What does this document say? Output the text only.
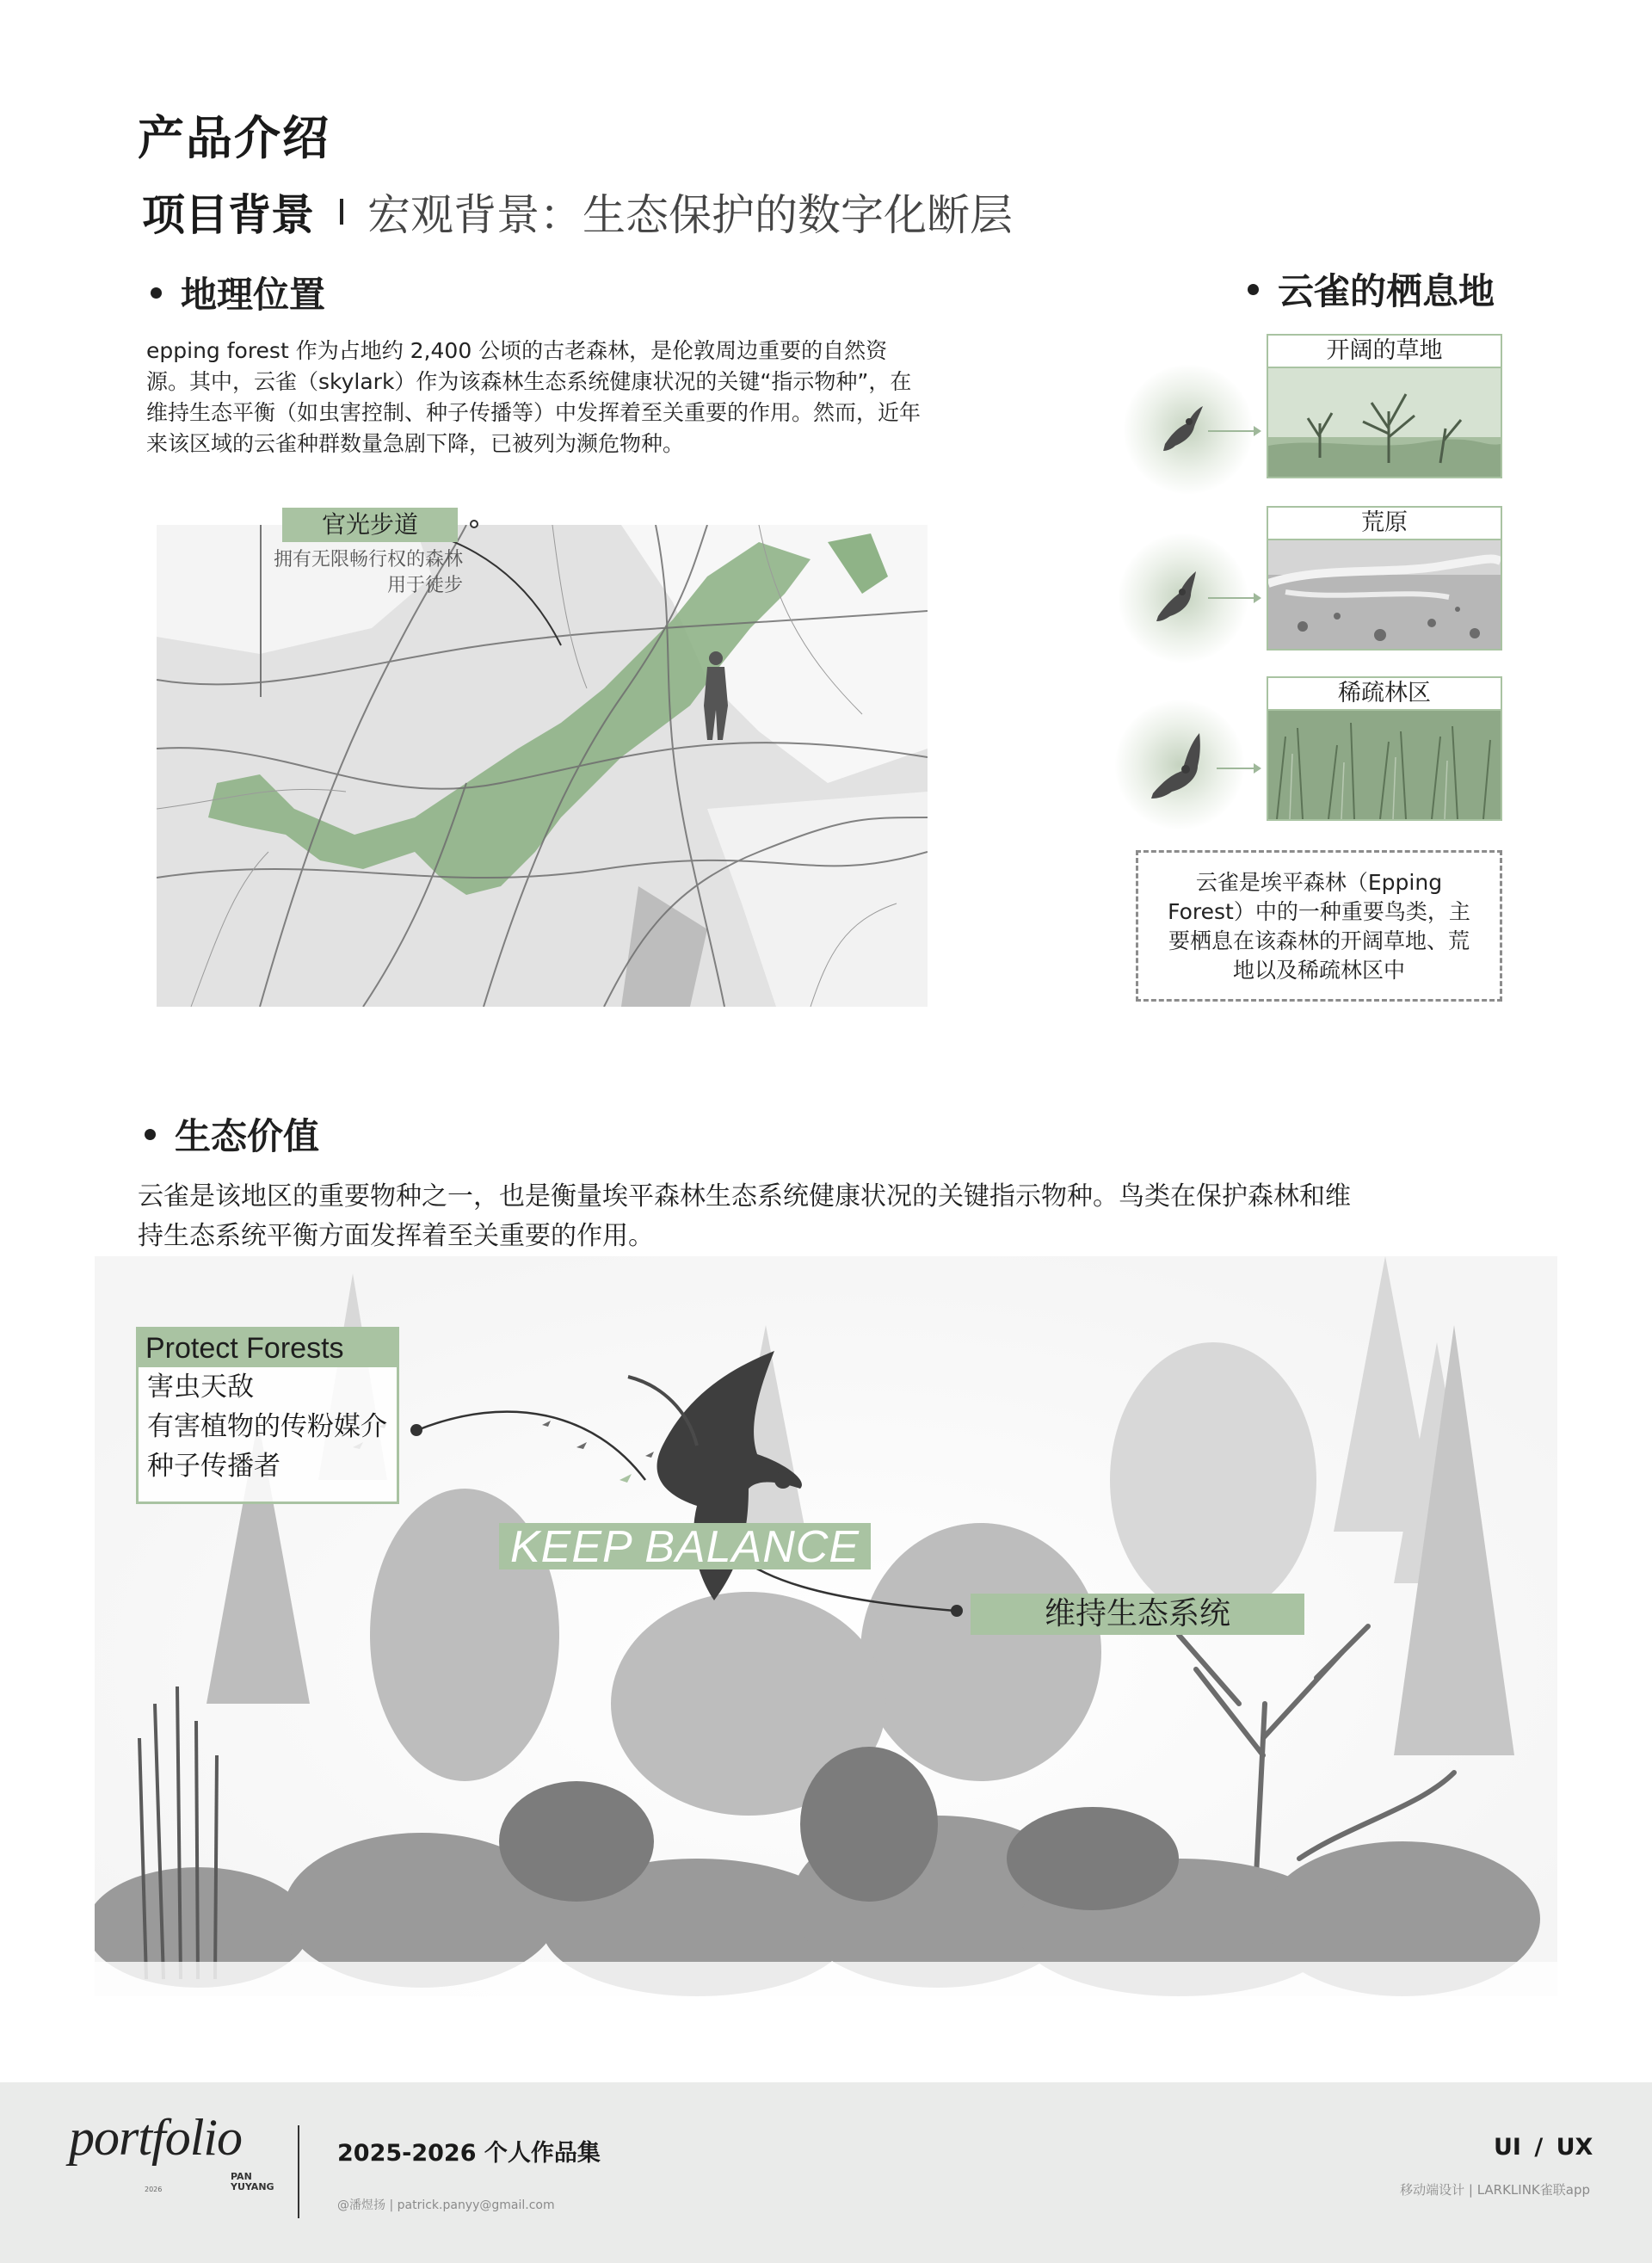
产品介绍
项目背景 宏观背景：生态保护的数字化断层
地理位置
epping forest 作为占地约 2,400 公顷的古老森林，是伦敦周边重要的自然资源。其中，云雀（skylark）作为该森林生态系统健康状况的关键“指示物种”，在维持生态平衡（如虫害控制、种子传播等）中发挥着至关重要的作用。然而，近年来该区域的云雀种群数量急剧下降，已被列为濒危物种。
官光步道
拥有无限畅行权的森林用于徒步
云雀的栖息地
开阔的草地
荒原
稀疏林区
云雀是埃平森林（Epping Forest）中的一种重要鸟类，主要栖息在该森林的开阔草地、荒地以及稀疏林区中
生态价值
云雀是该地区的重要物种之一，也是衡量埃平森林生态系统健康状况的关键指示物种。鸟类在保护森林和维持生态系统平衡方面发挥着至关重要的作用。
Protect Forests
害虫天敌
有害植物的传粉媒介
种子传播者
KEEP BALANCE
维持生态系统
portfolio
2026
PAN
YUYANG
2025-2026 个人作品集
@潘煜扬 | patrick.panyy@gmail.com
UI / UX
移动端设计 | LARKLINK雀联app
